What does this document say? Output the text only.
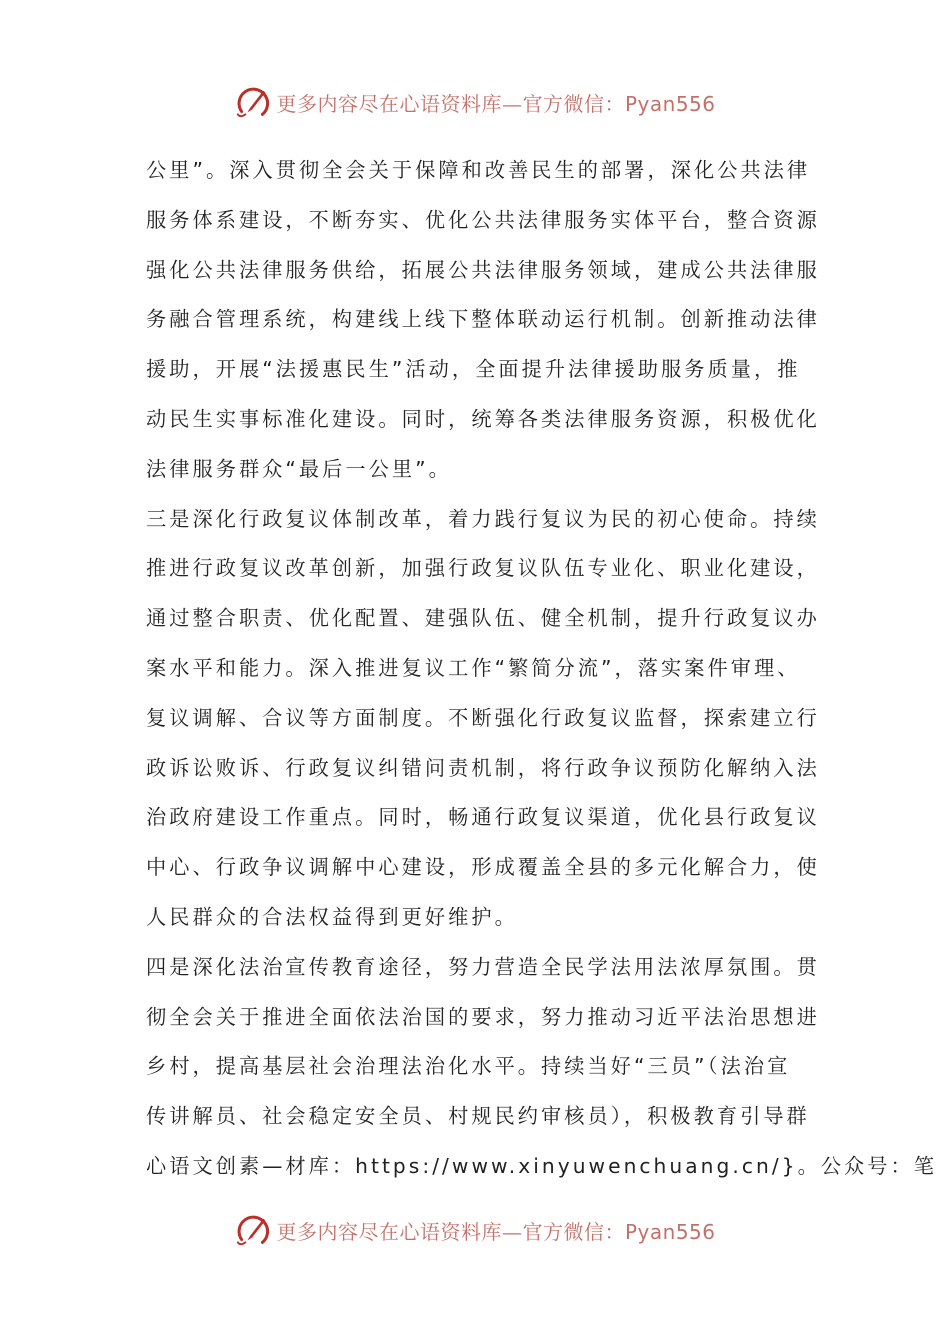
更多内容尽在心语资料库—官方微信：Pyan556
公里”。深入贯彻全会关于保障和改善民生的部署，深化公共法律
服务体系建设，不断夯实、优化公共法律服务实体平台，整合资源
强化公共法律服务供给，拓展公共法律服务领域，建成公共法律服
务融合管理系统，构建线上线下整体联动运行机制。创新推动法律
援助，开展“法援惠民生”活动，全面提升法律援助服务质量，推
动民生实事标准化建设。同时，统筹各类法律服务资源，积极优化
法律服务群众“最后一公里”。
三是深化行政复议体制改革，着力践行复议为民的初心使命。持续
推进行政复议改革创新，加强行政复议队伍专业化、职业化建设，
通过整合职责、优化配置、建强队伍、健全机制，提升行政复议办
案水平和能力。深入推进复议工作“繁简分流”，落实案件审理、
复议调解、合议等方面制度。不断强化行政复议监督，探索建立行
政诉讼败诉、行政复议纠错问责机制，将行政争议预防化解纳入法
治政府建设工作重点。同时，畅通行政复议渠道，优化县行政复议
中心、行政争议调解中心建设，形成覆盖全县的多元化解合力，使
人民群众的合法权益得到更好维护。
四是深化法治宣传教育途径，努力营造全民学法用法浓厚氛围。贯
彻全会关于推进全面依法治国的要求，努力推动习近平法治思想进
乡村，提高基层社会治理法治化水平。持续当好“三员”（法治宣
传讲解员、社会稳定安全员、村规民约审核员），积极教育引导群
心语文创素—材库：https://www.xinyuwenchuang.cn/}。公众号：笔
更多内容尽在心语资料库—官方微信：Pyan556
